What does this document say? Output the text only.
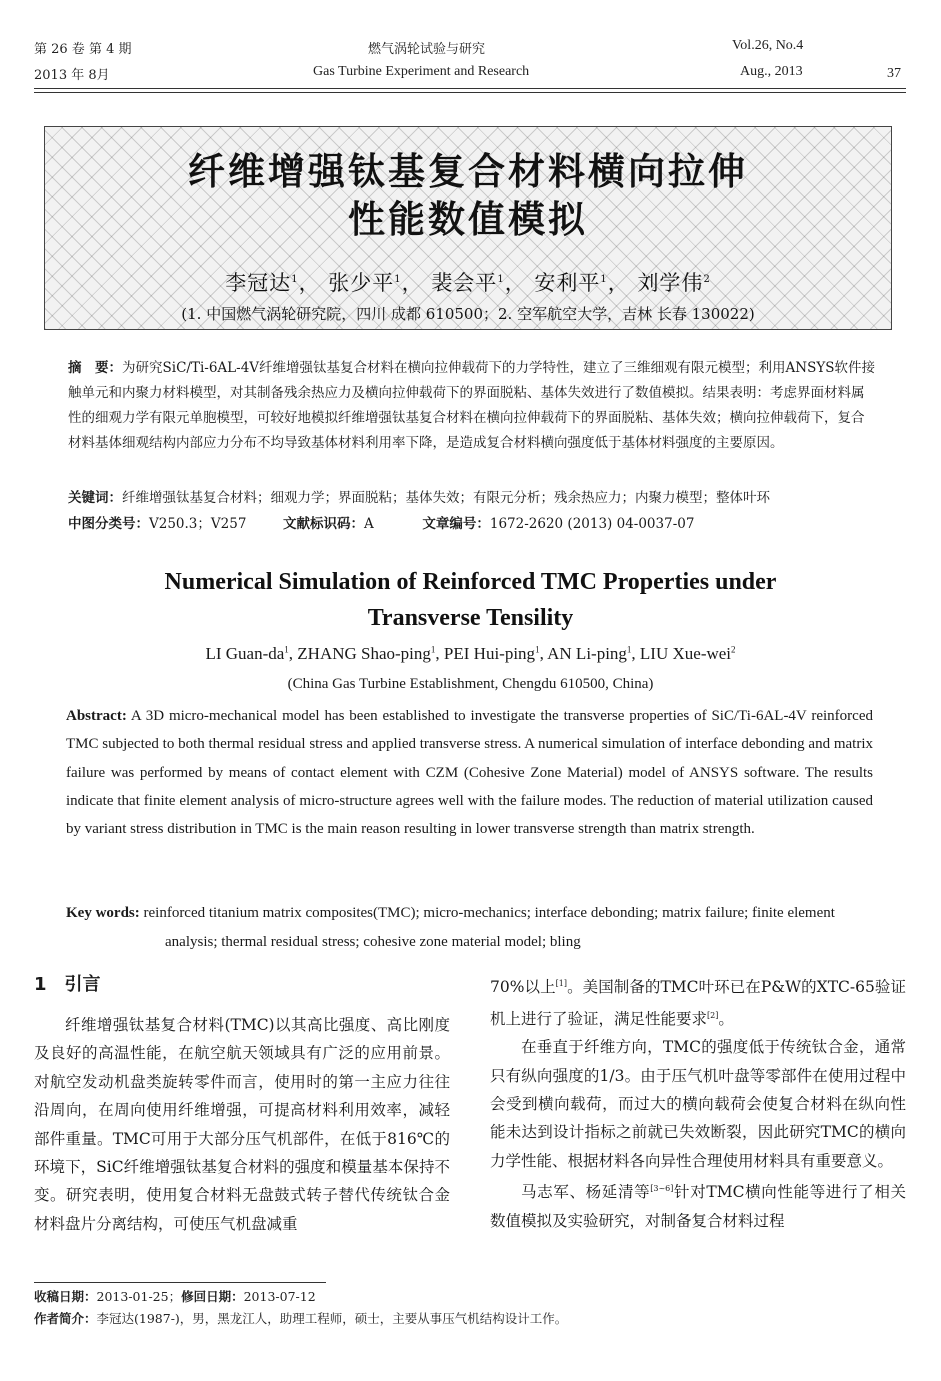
第 26 卷 第 4 期
2013 年 8月
燃气涡轮试验与研究
Gas Turbine Experiment and Research
Vol.26, No.4
Aug., 2013	37
纤维增强钛基复合材料横向拉伸
性能数值模拟
李冠达$^1$， 张少平$^1$， 裴会平$^1$， 安利平$^1$， 刘学伟$^2$
(1. 中国燃气涡轮研究院，四川 成都 610500；2. 空军航空大学，吉林 长春 130022)
摘　要：为研究SiC/Ti-6AL-4V纤维增强钛基复合材料在横向拉伸载荷下的力学特性，建立了三维细观有限元模型；利用ANSYS软件接触单元和内聚力材料模型，对其制备残余热应力及横向拉伸载荷下的界面脱粘、基体失效进行了数值模拟。结果表明：考虑界面材料属性的细观力学有限元单胞模型，可较好地模拟纤维增强钛基复合材料在横向拉伸载荷下的界面脱粘、基体失效；横向拉伸载荷下，复合材料基体细观结构内部应力分布不均导致基体材料利用率下降，是造成复合材料横向强度低于基体材料强度的主要原因。
关键词：纤维增强钛基复合材料；细观力学；界面脱粘；基体失效；有限元分析；残余热应力；内聚力模型；整体叶环
中图分类号：V250.3；V257	文献标识码：A	文章编号：1672-2620 (2013) 04-0037-07
Numerical Simulation of Reinforced TMC Properties under
Transverse Tensility
LI Guan-$da^1$, ZHANG Shao-ping$^1$, PEI Hui-ping$^1$, AN Li-ping$^1$, LIU Xue-wei$^2$
(China Gas Turbine Establishment, Chengdu 610500, China)
Abstract: A 3D micro-mechanical model has been established to investigate the transverse properties of SiC/Ti-6AL-4V reinforced TMC subjected to both thermal residual stress and applied transverse stress. A numerical simulation of interface debonding and matrix failure was performed by means of contact element with CZM (Cohesive Zone Material) model of ANSYS software. The results indicate that finite element analysis of micro-structure agrees well with the failure modes. The reduction of material utilization caused by variant stress distribution in TMC is the main reason resulting in lower transverse strength than matrix strength.
Key words: reinforced titanium matrix composites(TMC); micro-mechanics; interface debonding; matrix failure; finite element analysis; thermal residual stress; cohesive zone material model; bling
1　引言

纤维增强钛基复合材料(TMC)以其高比强度、高比刚度及良好的高温性能，在航空航天领域具有广泛的应用前景。对航空发动机盘类旋转零件而言，使用时的第一主应力往往沿周向，在周向使用纤维增强，可提高材料利用效率，减轻部件重量。TMC可用于大部分压气机部件，在低于816℃的环境下，SiC纤维增强钛基复合材料的强度和模量基本保持不变。研究表明，使用复合材料无盘鼓式转子替代传统钛合金材料盘片分离结构，可使压气机盘减重

70%以上[1]。美国制备的TMC叶环已在P&W的XTC-65验证机上进行了验证，满足性能要求[2]。

在垂直于纤维方向，TMC的强度低于传统钛合金，通常只有纵向强度的1/3。由于压气机叶盘等零部件在使用过程中会受到横向载荷，而过大的横向载荷会使复合材料在纵向性能未达到设计指标之前就已失效断裂，因此研究TMC的横向力学性能、根据材料各向异性合理使用材料具有重要意义。

马志军、杨延清等[3~6]针对TMC横向性能等进行了相关数值模拟及实验研究，对制备复合材料过程

收稿日期：2013-01-25；修回日期：2013-07-12
作者简介：李冠达(1987-)，男，黑龙江人，助理工程师，硕士，主要从事压气机结构设计工作。
